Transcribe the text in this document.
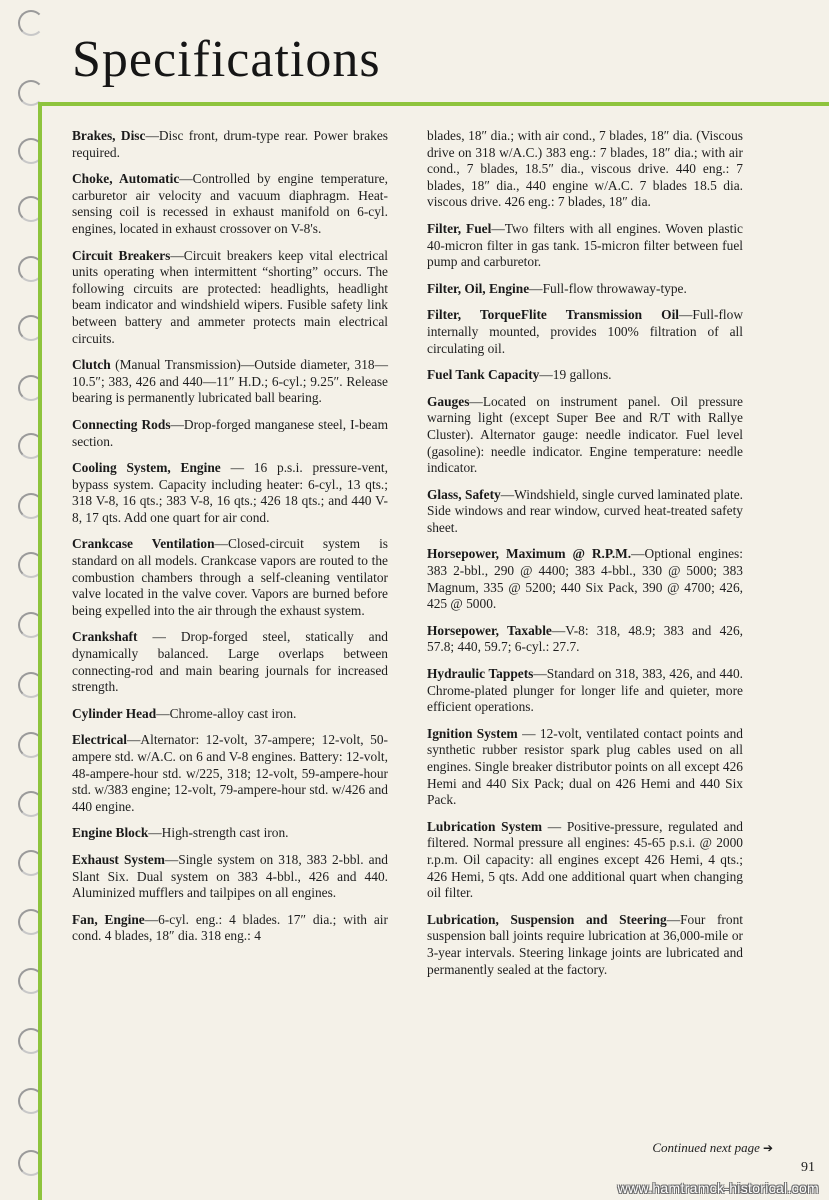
Specifications

Brakes, Disc—Disc front, drum-type rear. Power brakes required.

Choke, Automatic—Controlled by engine temperature, carburetor air velocity and vacuum diaphragm. Heat-sensing coil is recessed in exhaust manifold on 6-cyl. engines, located in exhaust crossover on V-8's.

Circuit Breakers—Circuit breakers keep vital electrical units operating when intermittent “shorting” occurs. The following circuits are protected: headlights, headlight beam indicator and windshield wipers. Fusible safety link between battery and ammeter protects main electrical circuits.

Clutch (Manual Transmission)—Outside diameter, 318—10.5″; 383, 426 and 440—11″ H.D.; 6-cyl.; 9.25″. Release bearing is permanently lubricated ball bearing.

Connecting Rods—Drop-forged manganese steel, I-beam section.

Cooling System, Engine — 16 p.s.i. pressure-vent, bypass system. Capacity including heater: 6-cyl., 13 qts.; 318 V-8, 16 qts.; 383 V-8, 16 qts.; 426 18 qts.; and 440 V-8, 17 qts. Add one quart for air cond.

Crankcase Ventilation—Closed-circuit system is standard on all models. Crankcase vapors are routed to the combustion chambers through a self-cleaning ventilator valve located in the valve cover. Vapors are burned before being expelled into the air through the exhaust system.

Crankshaft — Drop-forged steel, statically and dynamically balanced. Large overlaps between connecting-rod and main bearing journals for increased strength.

Cylinder Head—Chrome-alloy cast iron.

Electrical—Alternator: 12-volt, 37-ampere; 12-volt, 50-ampere std. w/A.C. on 6 and V-8 engines. Battery: 12-volt, 48-ampere-hour std. w/225, 318; 12-volt, 59-ampere-hour std. w/383 engine; 12-volt, 79-ampere-hour std. w/426 and 440 engine.

Engine Block—High-strength cast iron.

Exhaust System—Single system on 318, 383 2-bbl. and Slant Six. Dual system on 383 4-bbl., 426 and 440. Aluminized mufflers and tailpipes on all engines.

Fan, Engine—6-cyl. eng.: 4 blades. 17″ dia.; with air cond. 4 blades, 18″ dia. 318 eng.: 4

blades, 18″ dia.; with air cond., 7 blades, 18″ dia. (Viscous drive on 318 w/A.C.) 383 eng.: 7 blades, 18″ dia.; with air cond., 7 blades, 18.5″ dia., viscous drive. 440 eng.: 7 blades, 18″ dia., 440 engine w/A.C. 7 blades 18.5 dia. viscous drive. 426 eng.: 7 blades, 18″ dia.

Filter, Fuel—Two filters with all engines. Woven plastic 40-micron filter in gas tank. 15-micron filter between fuel pump and carburetor.

Filter, Oil, Engine—Full-flow throwaway-type.

Filter, TorqueFlite Transmission Oil—Full-flow internally mounted, provides 100% filtration of all circulating oil.

Fuel Tank Capacity—19 gallons.

Gauges—Located on instrument panel. Oil pressure warning light (except Super Bee and R/T with Rallye Cluster). Alternator gauge: needle indicator. Fuel level (gasoline): needle indicator. Engine temperature: needle indicator.

Glass, Safety—Windshield, single curved laminated plate. Side windows and rear window, curved heat-treated safety sheet.

Horsepower, Maximum @ R.P.M.—Optional engines: 383 2-bbl., 290 @ 4400; 383 4-bbl., 330 @ 5000; 383 Magnum, 335 @ 5200; 440 Six Pack, 390 @ 4700; 426, 425 @ 5000.

Horsepower, Taxable—V-8: 318, 48.9; 383 and 426, 57.8; 440, 59.7; 6-cyl.: 27.7.

Hydraulic Tappets—Standard on 318, 383, 426, and 440. Chrome-plated plunger for longer life and quieter, more efficient operations.

Ignition System — 12-volt, ventilated contact points and synthetic rubber resistor spark plug cables used on all engines. Single breaker distributor points on all except 426 Hemi and 440 Six Pack; dual on 426 Hemi and 440 Six Pack.

Lubrication System — Positive-pressure, regulated and filtered. Normal pressure all engines: 45-65 p.s.i. @ 2000 r.p.m. Oil capacity: all engines except 426 Hemi, 4 qts.; 426 Hemi, 5 qts. Add one additional quart when changing oil filter.

Lubrication, Suspension and Steering—Four front suspension ball joints require lubrication at 36,000-mile or 3-year intervals. Steering linkage joints are lubricated and permanently sealed at the factory.

Continued next page ➔
91
www.hamtramck-historical.com
